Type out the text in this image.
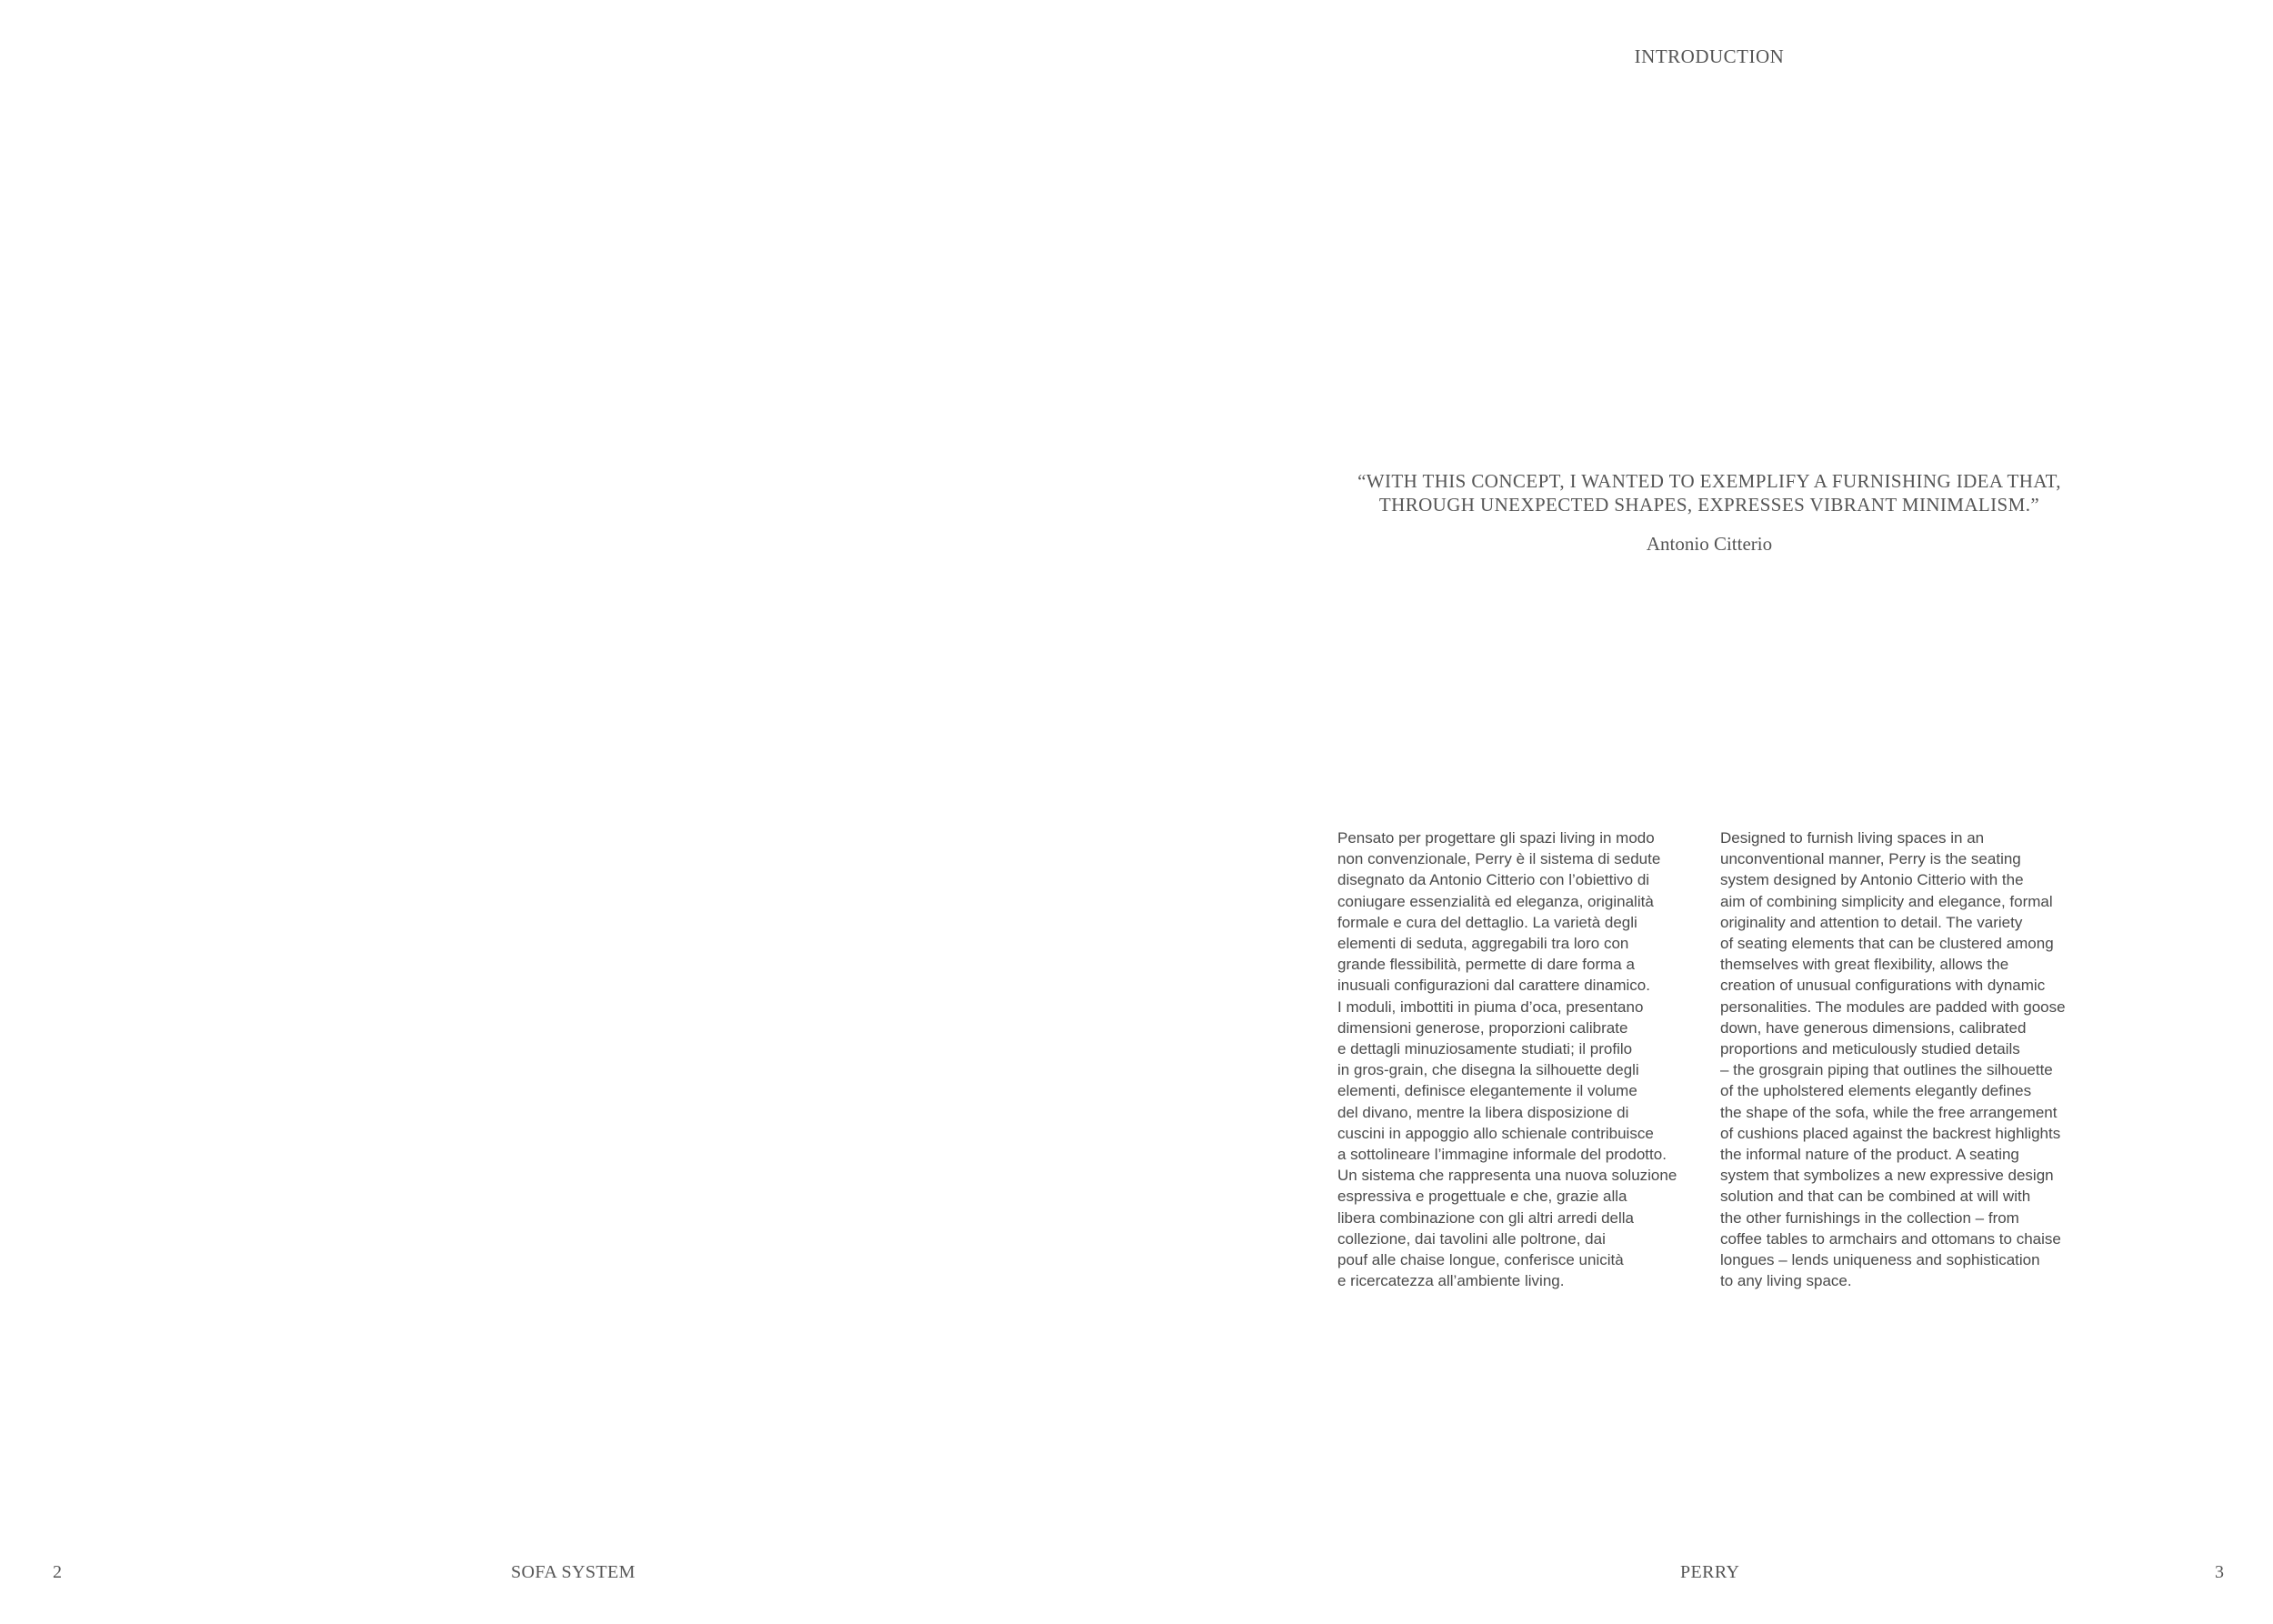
INTRODUCTION
“WITH THIS CONCEPT, I WANTED TO EXEMPLIFY A FURNISHING IDEA THAT,
THROUGH UNEXPECTED SHAPES, EXPRESSES VIBRANT MINIMALISM.”
Antonio Citterio
Pensato per progettare gli spazi living in modo
non convenzionale, Perry è il sistema di sedute
disegnato da Antonio Citterio con l’obiettivo di
coniugare essenzialità ed eleganza, originalità
formale e cura del dettaglio. La varietà degli
elementi di seduta, aggregabili tra loro con
grande flessibilità, permette di dare forma a
inusuali configurazioni dal carattere dinamico.
I moduli, imbottiti in piuma d’oca, presentano
dimensioni generose, proporzioni calibrate
e dettagli minuziosamente studiati; il profilo
in gros-grain, che disegna la silhouette degli
elementi, definisce elegantemente il volume
del divano, mentre la libera disposizione di
cuscini in appoggio allo schienale contribuisce
a sottolineare l’immagine informale del prodotto.
Un sistema che rappresenta una nuova soluzione
espressiva e progettuale e che, grazie alla
libera combinazione con gli altri arredi della
collezione, dai tavolini alle poltrone, dai
pouf alle chaise longue, conferisce unicità
e ricercatezza all’ambiente living.
Designed to furnish living spaces in an
unconventional manner, Perry is the seating
system designed by Antonio Citterio with the
aim of combining simplicity and elegance, formal
originality and attention to detail. The variety
of seating elements that can be clustered among
themselves with great flexibility, allows the
creation of unusual configurations with dynamic
personalities. The modules are padded with goose
down, have generous dimensions, calibrated
proportions and meticulously studied details
– the grosgrain piping that outlines the silhouette
of the upholstered elements elegantly defines
the shape of the sofa, while the free arrangement
of cushions placed against the backrest highlights
the informal nature of the product. A seating
system that symbolizes a new expressive design
solution and that can be combined at will with
the other furnishings in the collection – from
coffee tables to armchairs and ottomans to chaise
longues – lends uniqueness and sophistication
to any living space.
2	SOFA SYSTEM	PERRY	3
